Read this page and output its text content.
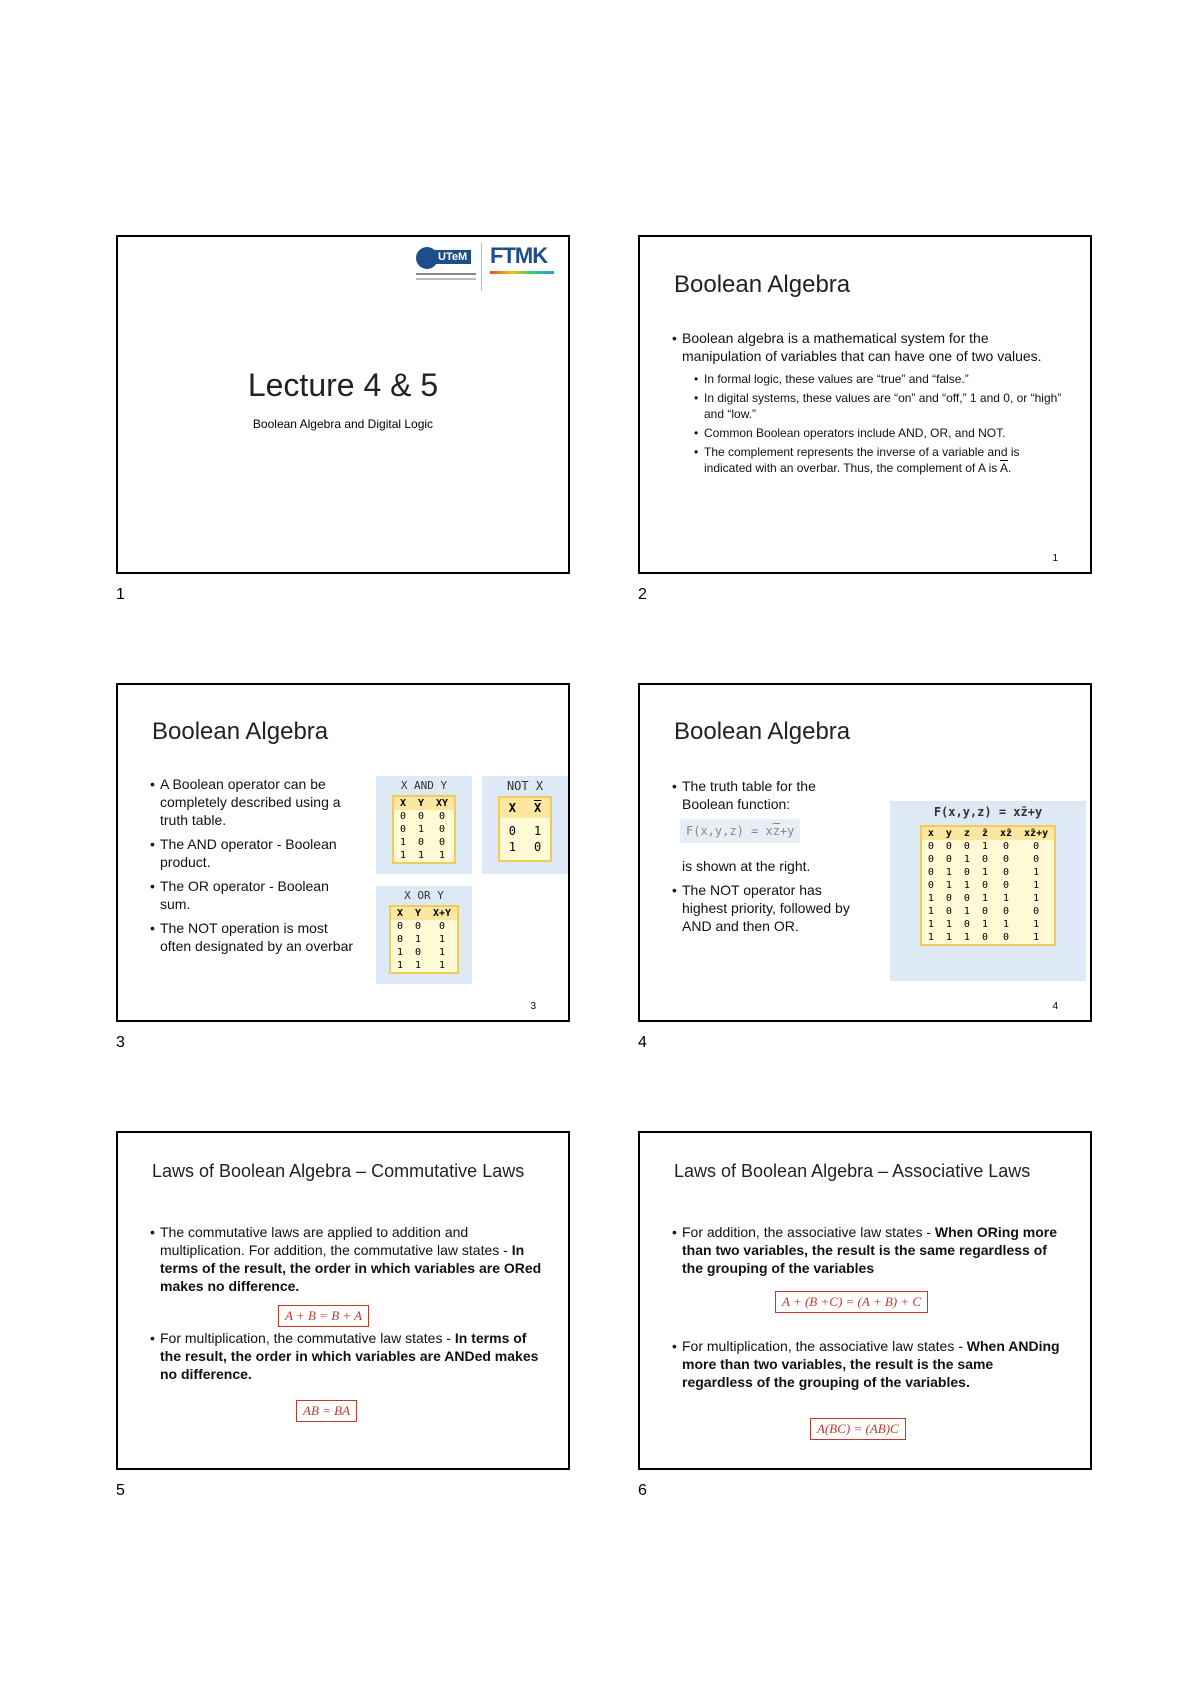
UTeM FTMK
Lecture 4 & 5
Boolean Algebra and Digital Logic
1
Boolean Algebra
• Boolean algebra is a mathematical system for the manipulation of variables that can have one of two values.
• In formal logic, these values are “true” and “false.”
• In digital systems, these values are “on” and “off,” 1 and 0, or “high” and “low.”
• Common Boolean operators include AND, OR, and NOT.
• The complement represents the inverse of a variable and is indicated with an overbar. Thus, the complement of A is $\overline{A}$.
1
2
Boolean Algebra
• A Boolean operator can be completely described using a truth table.
• The AND operator - Boolean product.
• The OR operator - Boolean sum.
• The NOT operation is most often designated by an overbar
X AND Y
X	Y	XY
0	0	0
0	1	0
1	0	0
1	1	1
NOT X
X	$\overline{X}$
0	1
1	0
X OR Y
X	Y	X+Y
0	0	0
0	1	1
1	0	1
1	1	1
3
3
Boolean Algebra
• The truth table for the Boolean function:
$F(x,y,z) = x\overline{z}+y$
is shown at the right.
• The NOT operator has highest priority, followed by AND and then OR.
F(x,y,z) = xz̄+y
x	y	z	z̄	xz̄	xz̄+y
0	0	0	1	0	0
0	0	1	0	0	0
0	1	0	1	0	1
0	1	1	0	0	1
1	0	0	1	1	1
1	0	1	0	0	0
1	1	0	1	1	1
1	1	1	0	0	1
4
4
Laws of Boolean Algebra – Commutative Laws
• The commutative laws are applied to addition and multiplication. For addition, the commutative law states - In terms of the result, the order in which variables are ORed makes no difference.
A + B = B + A
• For multiplication, the commutative law states - In terms of the result, the order in which variables are ANDed makes no difference.
AB = BA
5
Laws of Boolean Algebra – Associative Laws
• For addition, the associative law states - When ORing more than two variables, the result is the same regardless of the grouping of the variables
A + (B +C) = (A + B) + C
• For multiplication, the associative law states - When ANDing more than two variables, the result is the same regardless of the grouping of the variables.
A(BC) = (AB)C
6
